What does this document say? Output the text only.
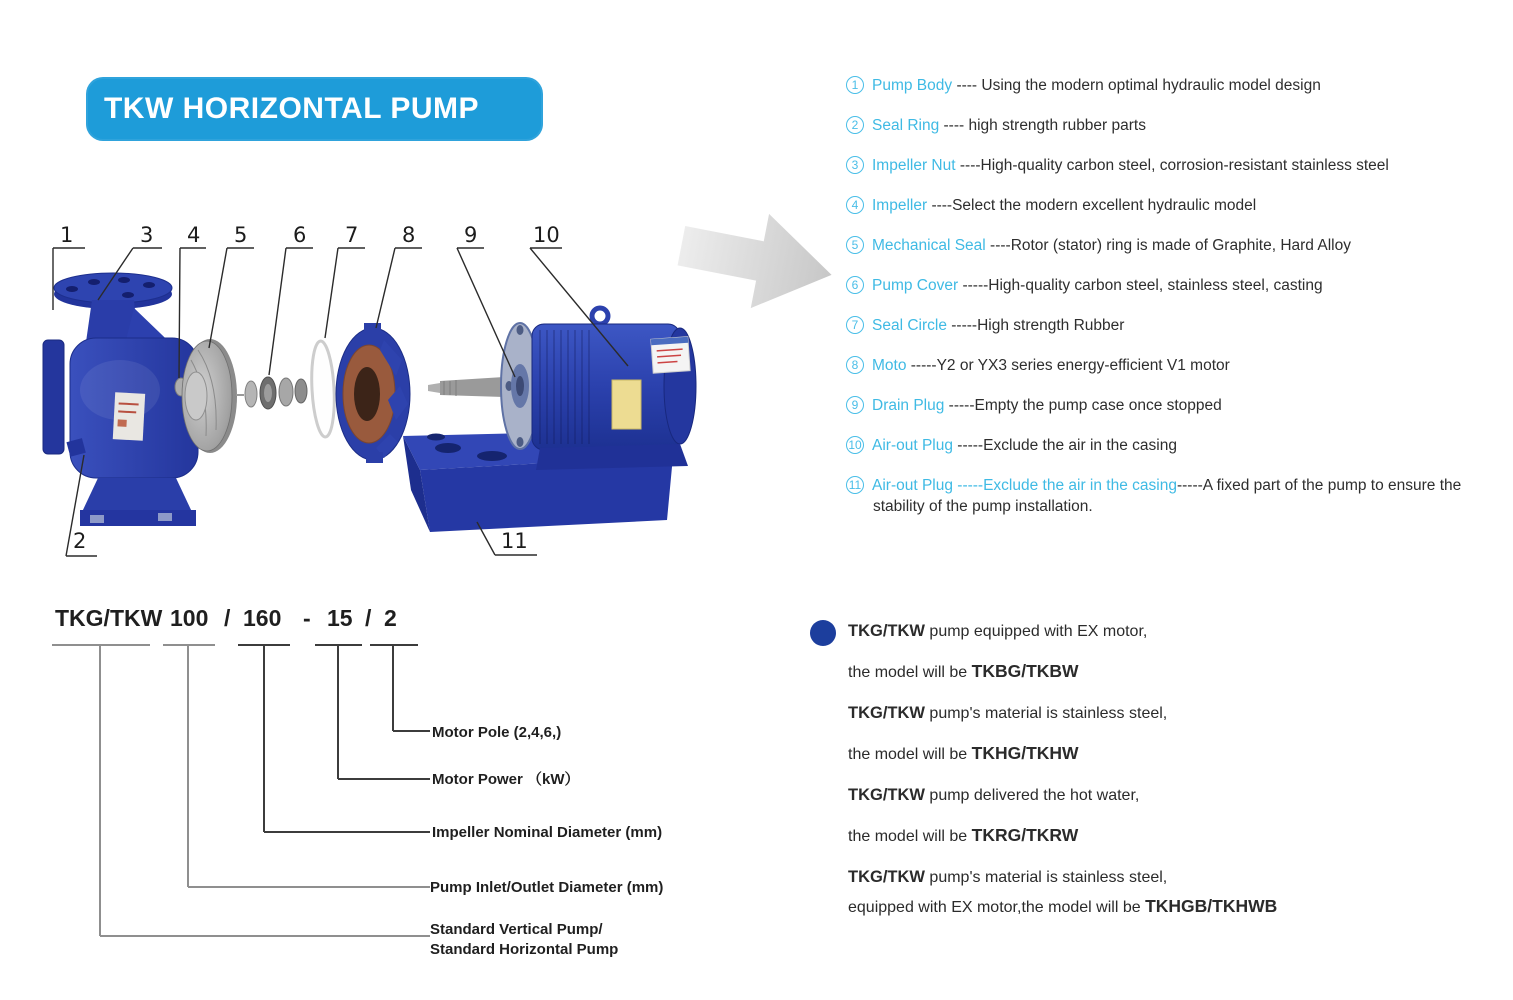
TKW HORIZONTAL PUMP
1	3 4 5 6 7 8 9	10
2	11
1 Pump Body ---- Using the modern optimal hydraulic model design
2 Seal Ring ---- high strength rubber parts
3 Impeller Nut ----High-quality carbon steel, corrosion-resistant stainless steel
4 Impeller ----Select the modern excellent hydraulic model
5 Mechanical Seal ----Rotor (stator) ring is made of Graphite, Hard Alloy
6 Pump Cover -----High-quality carbon steel, stainless steel, casting
7 Seal Circle -----High strength Rubber
8 Moto -----Y2 or YX3 series energy-efficient V1 motor
9 Drain Plug -----Empty the pump case once stopped
10 Air-out Plug -----Exclude the air in the casing
11 Air-out Plug -----Exclude the air in the casing-----A fixed part of the pump to ensure the stability of the pump installation.
TKG/TKW 100 / 160 - 15 / 2
Motor Pole (2,4,6,)
Motor Power （kW）
Impeller Nominal Diameter (mm)
Pump Inlet/Outlet Diameter (mm)
Standard Vertical Pump/
Standard Horizontal Pump
TKG/TKW pump equipped with EX motor,
the model will be TKBG/TKBW
TKG/TKW pump's material is stainless steel,
the model will be TKHG/TKHW
TKG/TKW pump delivered the hot water,
the model will be TKRG/TKRW
TKG/TKW pump's material is stainless steel,
equipped with EX motor,the model will be TKHGB/TKHWB
